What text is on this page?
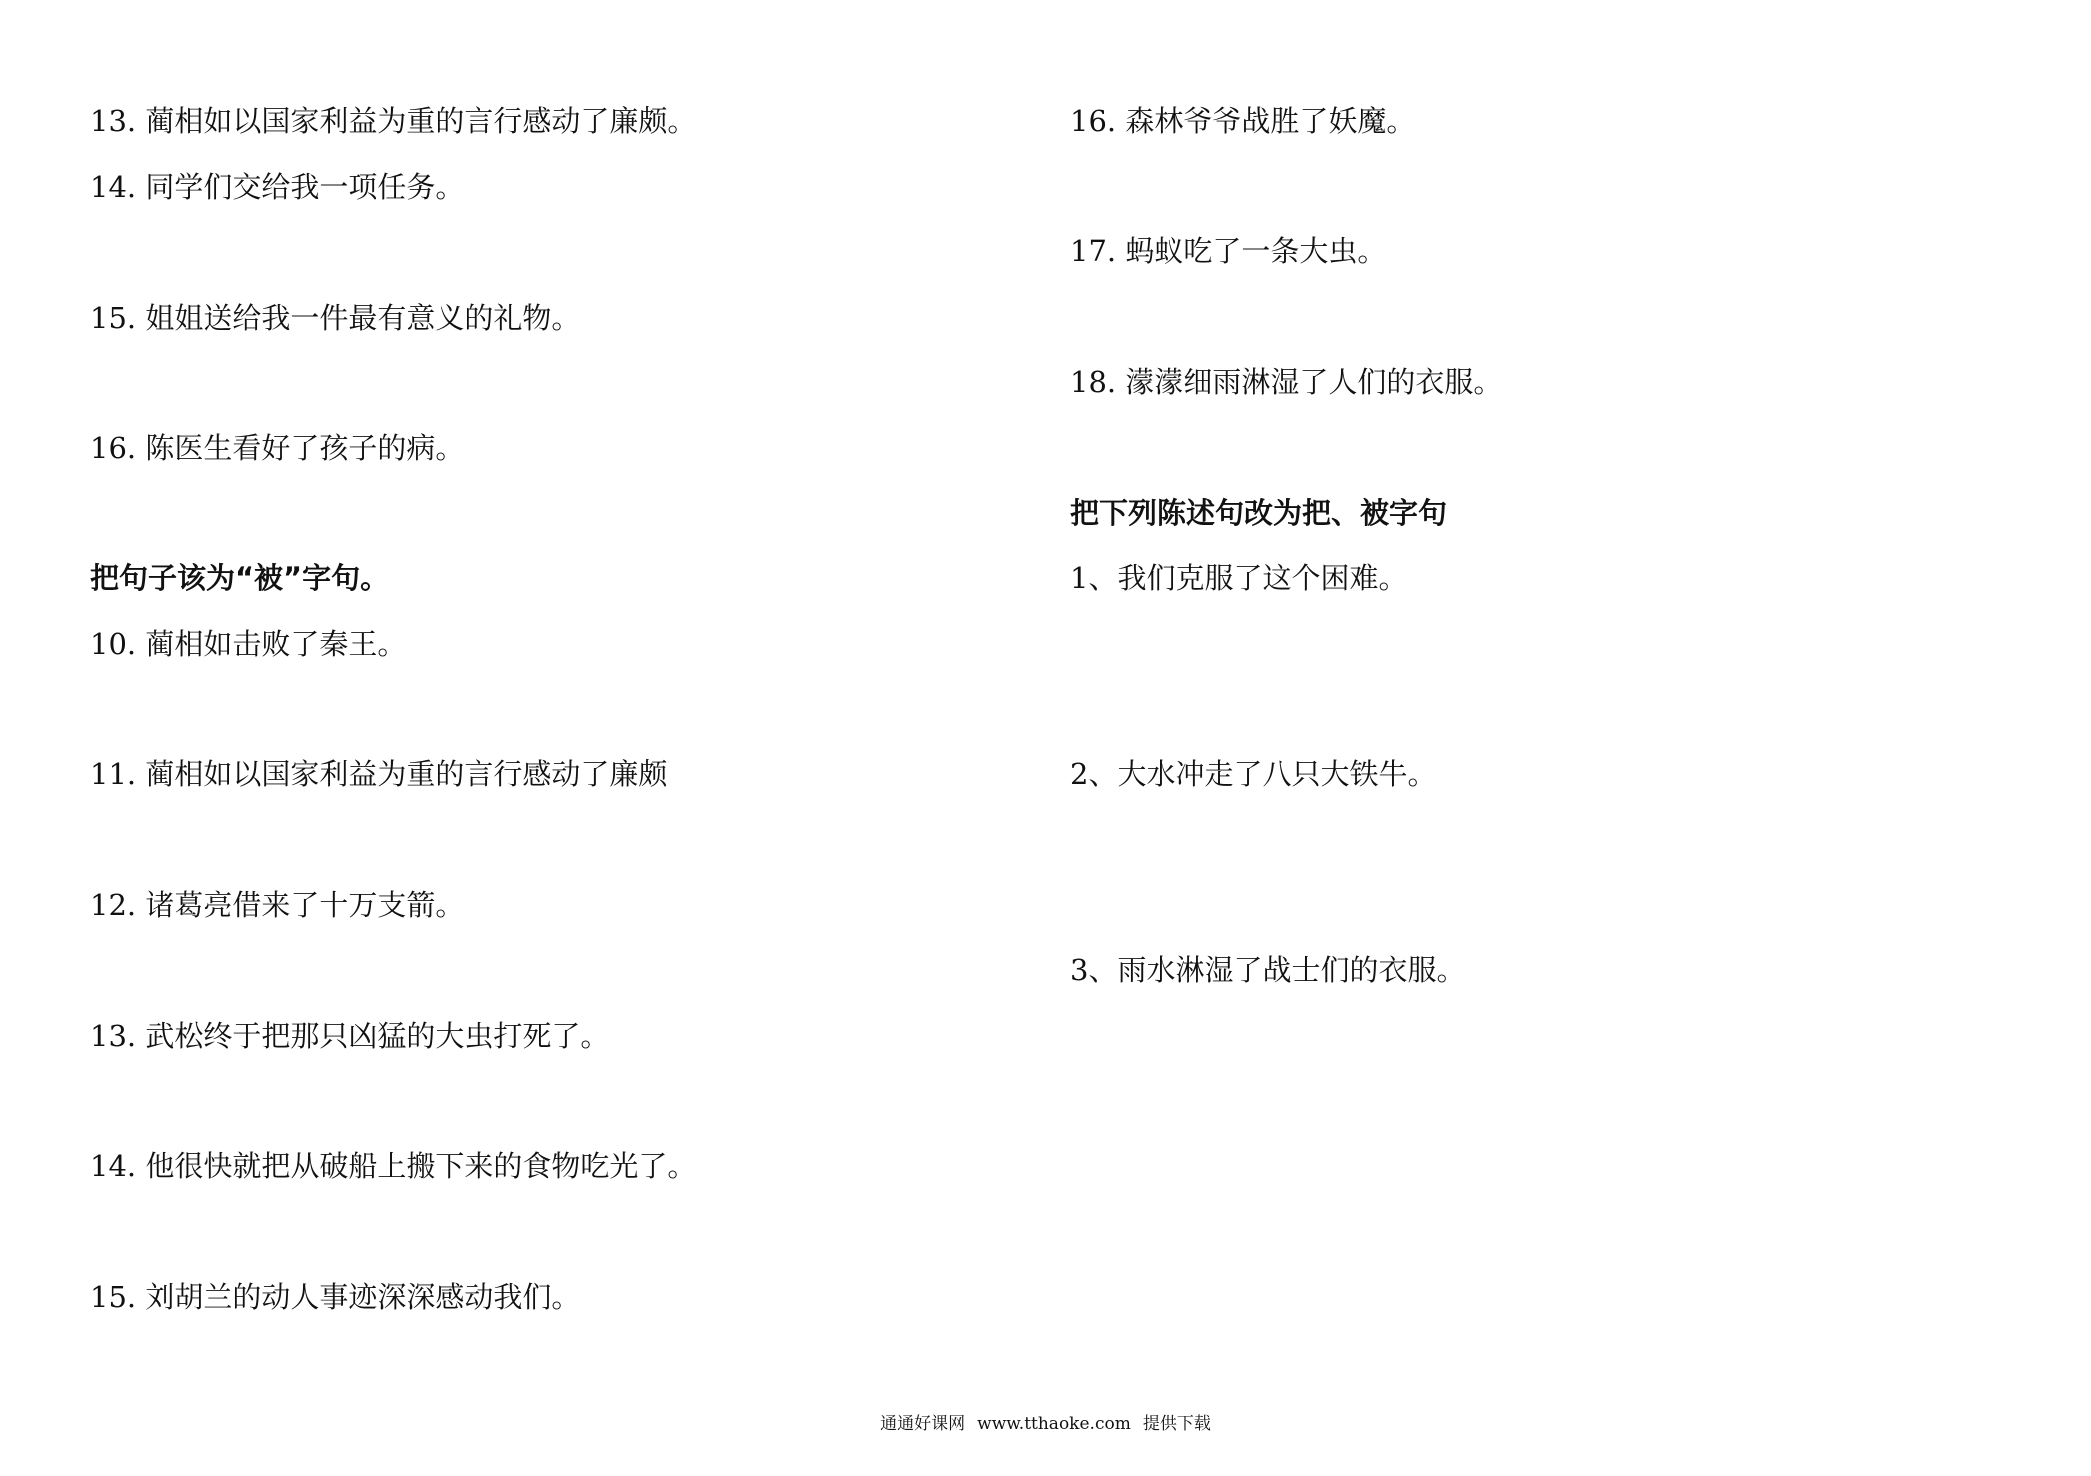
13. 蔺相如以国家利益为重的言行感动了廉颇。
14. 同学们交给我一项任务。
15. 姐姐送给我一件最有意义的礼物。
16. 陈医生看好了孩子的病。
把句子该为“被”字句。
10. 蔺相如击败了秦王。
11. 蔺相如以国家利益为重的言行感动了廉颇
12. 诸葛亮借来了十万支箭。
13. 武松终于把那只凶猛的大虫打死了。
14. 他很快就把从破船上搬下来的食物吃光了。
15. 刘胡兰的动人事迹深深感动我们。
16. 森林爷爷战胜了妖魔。
17. 蚂蚁吃了一条大虫。
18. 濛濛细雨淋湿了人们的衣服。
把下列陈述句改为把、被字句
1、我们克服了这个困难。
2、大水冲走了八只大铁牛。
3、雨水淋湿了战士们的衣服。
通通好课网 www.tthaoke.com 提供下载
